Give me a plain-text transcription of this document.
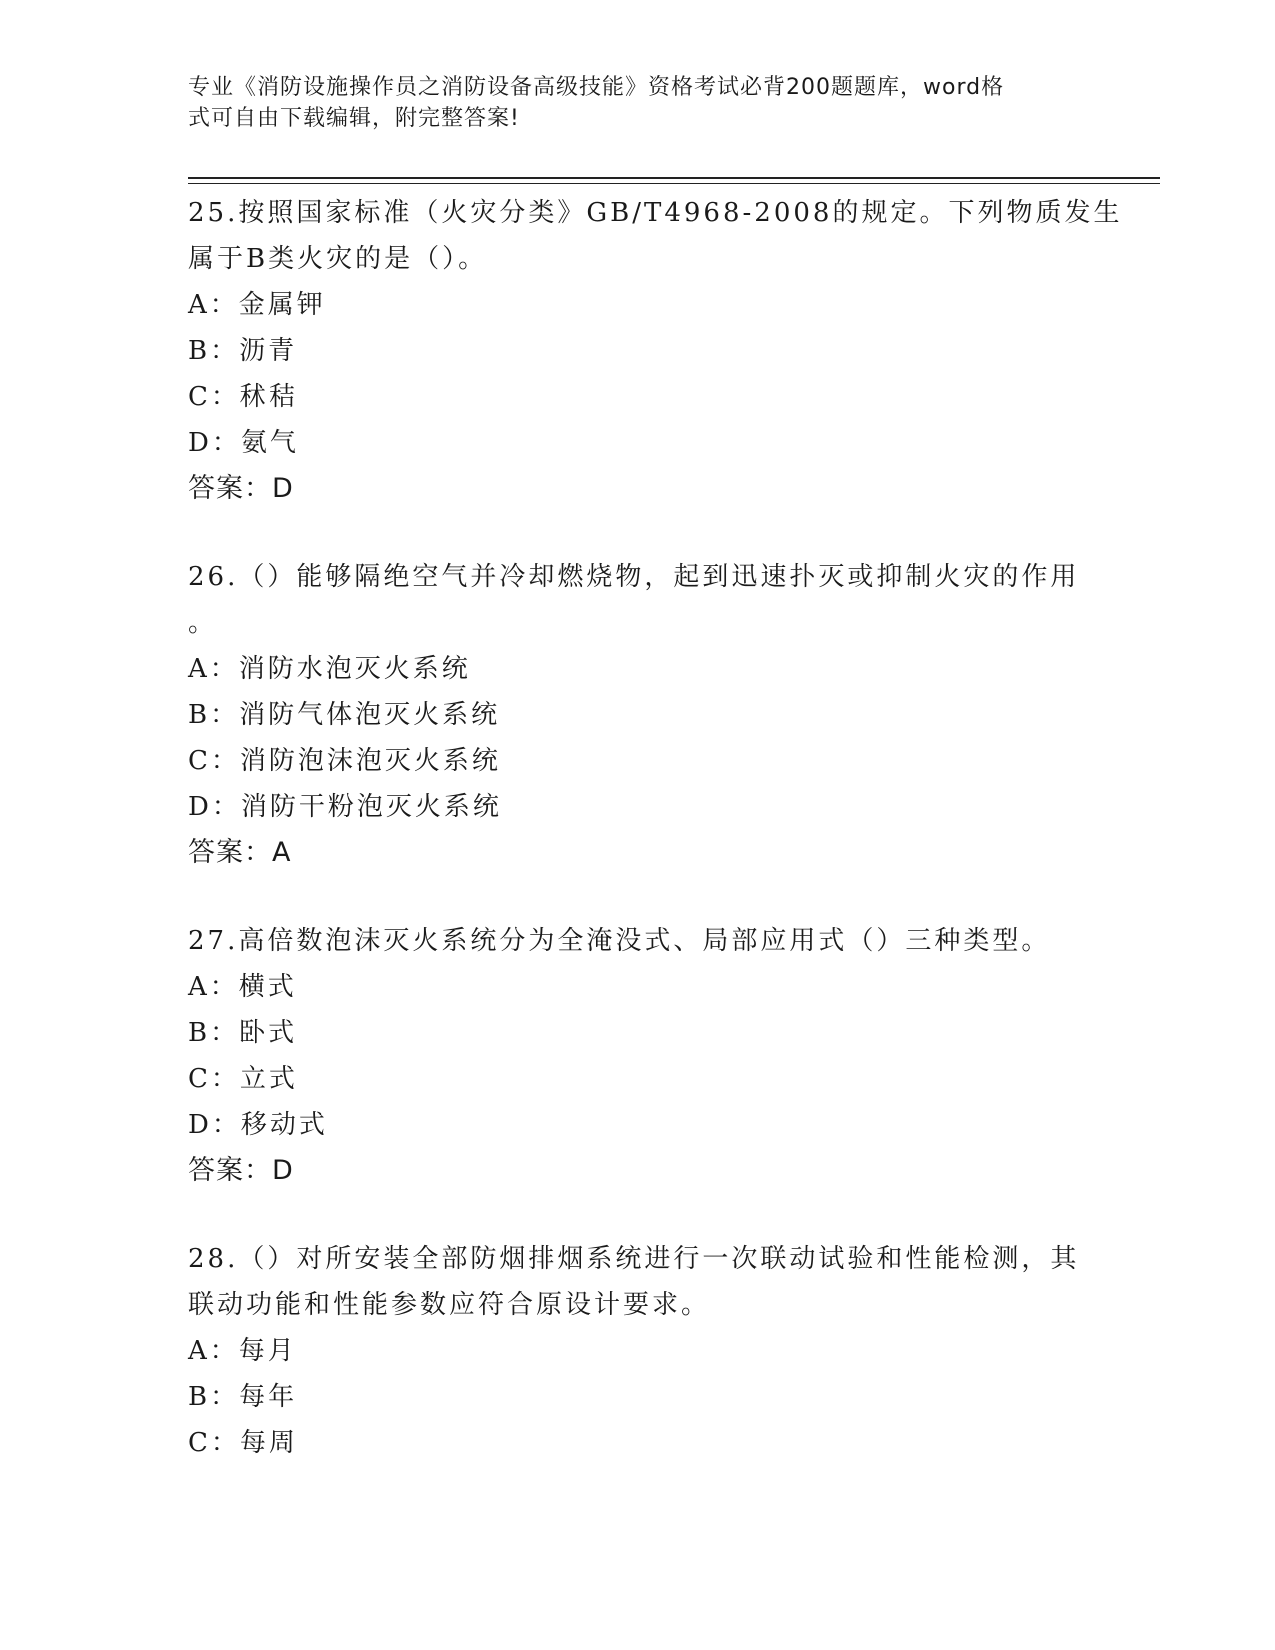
专业《消防设施操作员之消防设备高级技能》资格考试必背200题题库，word格
式可自由下载编辑，附完整答案!
25.按照国家标准（火灾分类》GB/T4968-2008的规定。下列物质发生
属于B类火灾的是（）。
A：金属钾
B：沥青
C：秫秸
D：氨气
答案：D
26.（）能够隔绝空气并冷却燃烧物，起到迅速扑灭或抑制火灾的作用
。
A：消防水泡灭火系统
B：消防气体泡灭火系统
C：消防泡沫泡灭火系统
D：消防干粉泡灭火系统
答案：A
27.高倍数泡沫灭火系统分为全淹没式、局部应用式（）三种类型。
A：横式
B：卧式
C：立式
D：移动式
答案：D
28.（）对所安装全部防烟排烟系统进行一次联动试验和性能检测，其
联动功能和性能参数应符合原设计要求。
A：每月
B：每年
C：每周
